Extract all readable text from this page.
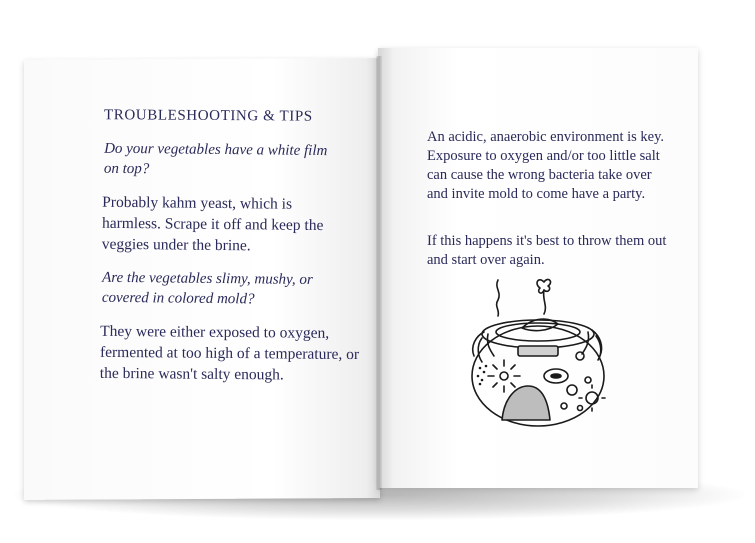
TROUBLESHOOTING & TIPS
Do your vegetables have a white film on top?
Probably kahm yeast, which is harmless. Scrape it off and keep the veggies under the brine.
Are the vegetables slimy, mushy, or covered in colored mold?
They were either exposed to oxygen, fermented at too high of a temperature, or the brine wasn't salty enough.
An acidic, anaerobic environment is key. Exposure to oxygen and/or too little salt can cause the wrong bacteria take over and invite mold to come have a party.
If this happens it's best to throw them out and start over again.
